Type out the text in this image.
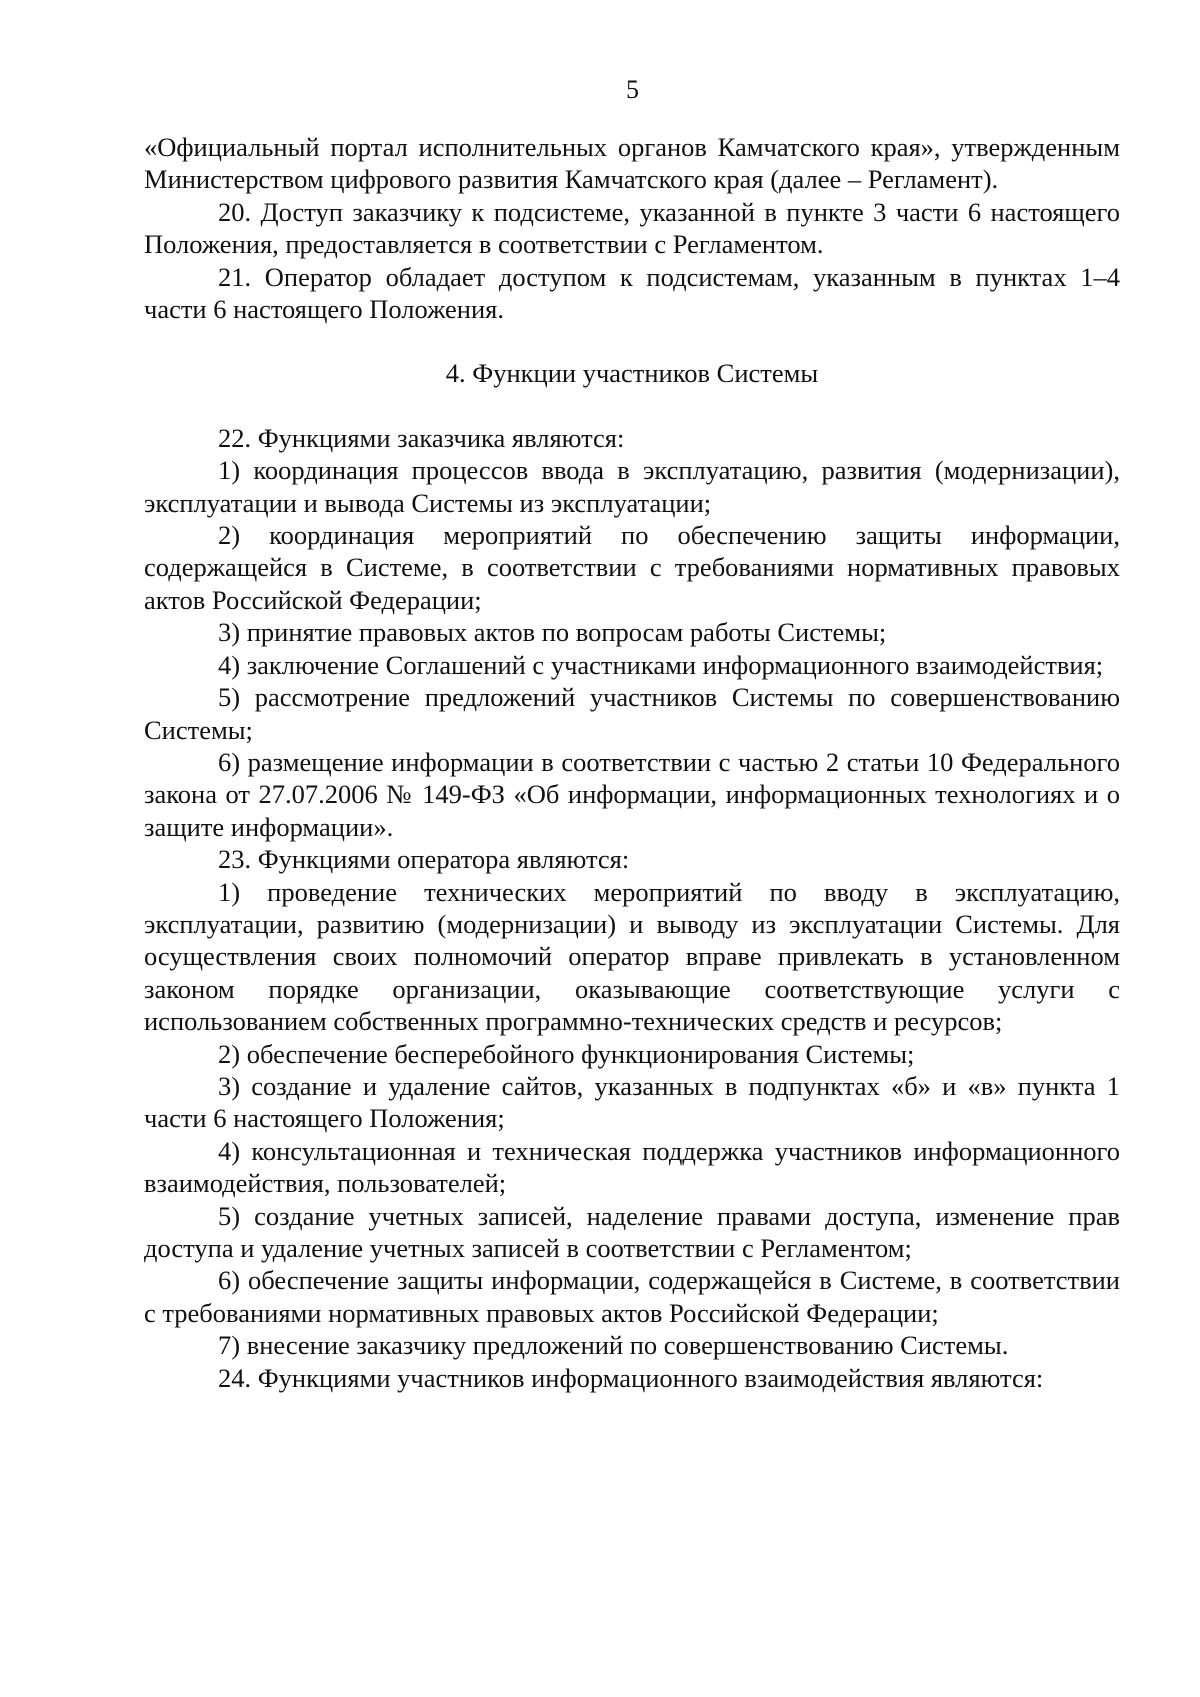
5

«Официальный портал исполнительных органов Камчатского края», утвержденным Министерством цифрового развития Камчатского края (далее – Регламент).

20. Доступ заказчику к подсистеме, указанной в пункте 3 части 6 настоящего Положения, предоставляется в соответствии с Регламентом.

21. Оператор обладает доступом к подсистемам, указанным в пунктах 1–4 части 6 настоящего Положения.

4. Функции участников Системы

22. Функциями заказчика являются:

1) координация процессов ввода в эксплуатацию, развития (модернизации), эксплуатации и вывода Системы из эксплуатации;

2) координация мероприятий по обеспечению защиты информации, содержащейся в Системе, в соответствии с требованиями нормативных правовых актов Российской Федерации;

3) принятие правовых актов по вопросам работы Системы;

4) заключение Соглашений с участниками информационного взаимодействия;

5) рассмотрение предложений участников Системы по совершенствованию Системы;

6) размещение информации в соответствии с частью 2 статьи 10 Федерального закона от 27.07.2006 № 149-ФЗ «Об информации, информационных технологиях и о защите информации».

23. Функциями оператора являются:

1) проведение технических мероприятий по вводу в эксплуатацию, эксплуатации, развитию (модернизации) и выводу из эксплуатации Системы. Для осуществления своих полномочий оператор вправе привлекать в установленном законом порядке организации, оказывающие соответствующие услуги с использованием собственных программно-технических средств и ресурсов;

2) обеспечение бесперебойного функционирования Системы;

3) создание и удаление сайтов, указанных в подпунктах «б» и «в» пункта 1 части 6 настоящего Положения;

4) консультационная и техническая поддержка участников информационного взаимодействия, пользователей;

5) создание учетных записей, наделение правами доступа, изменение прав доступа и удаление учетных записей в соответствии с Регламентом;

6) обеспечение защиты информации, содержащейся в Системе, в соответствии с требованиями нормативных правовых актов Российской Федерации;

7) внесение заказчику предложений по совершенствованию Системы.

24. Функциями участников информационного взаимодействия являются:
